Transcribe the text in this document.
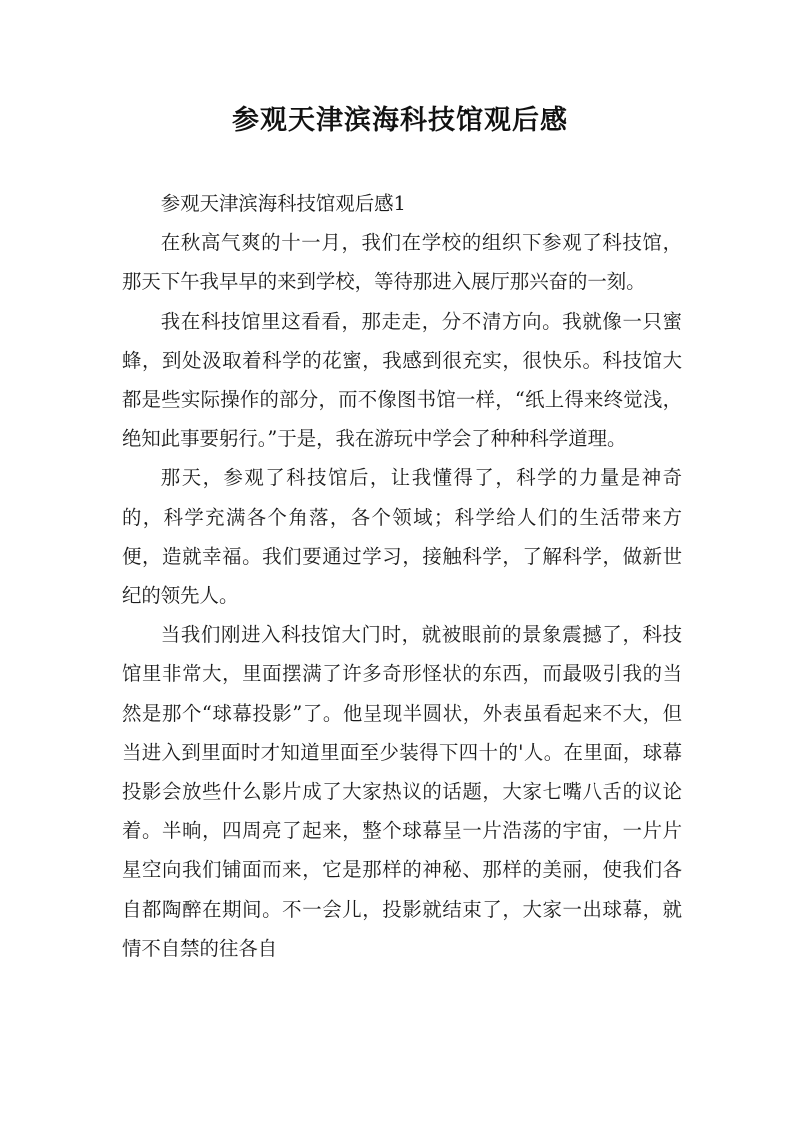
参观天津滨海科技馆观后感

参观天津滨海科技馆观后感1

在秋高气爽的十一月，我们在学校的组织下参观了科技馆，那天下午我早早的来到学校，等待那进入展厅那兴奋的一刻。

我在科技馆里这看看，那走走，分不清方向。我就像一只蜜蜂，到处汲取着科学的花蜜，我感到很充实，很快乐。科技馆大都是些实际操作的部分，而不像图书馆一样，“纸上得来终觉浅，绝知此事要躬行。”于是，我在游玩中学会了种种科学道理。

那天，参观了科技馆后，让我懂得了，科学的力量是神奇的，科学充满各个角落，各个领域；科学给人们的生活带来方便，造就幸福。我们要通过学习，接触科学，了解科学，做新世纪的领先人。

当我们刚进入科技馆大门时，就被眼前的景象震撼了，科技馆里非常大，里面摆满了许多奇形怪状的东西，而最吸引我的当然是那个“球幕投影”了。他呈现半圆状，外表虽看起来不大，但当进入到里面时才知道里面至少装得下四十的'人。在里面，球幕投影会放些什么影片成了大家热议的话题，大家七嘴八舌的议论着。半晌，四周亮了起来，整个球幕呈一片浩荡的宇宙，一片片星空向我们铺面而来，它是那样的神秘、那样的美丽，使我们各自都陶醉在期间。不一会儿，投影就结束了，大家一出球幕，就情不自禁的往各自
